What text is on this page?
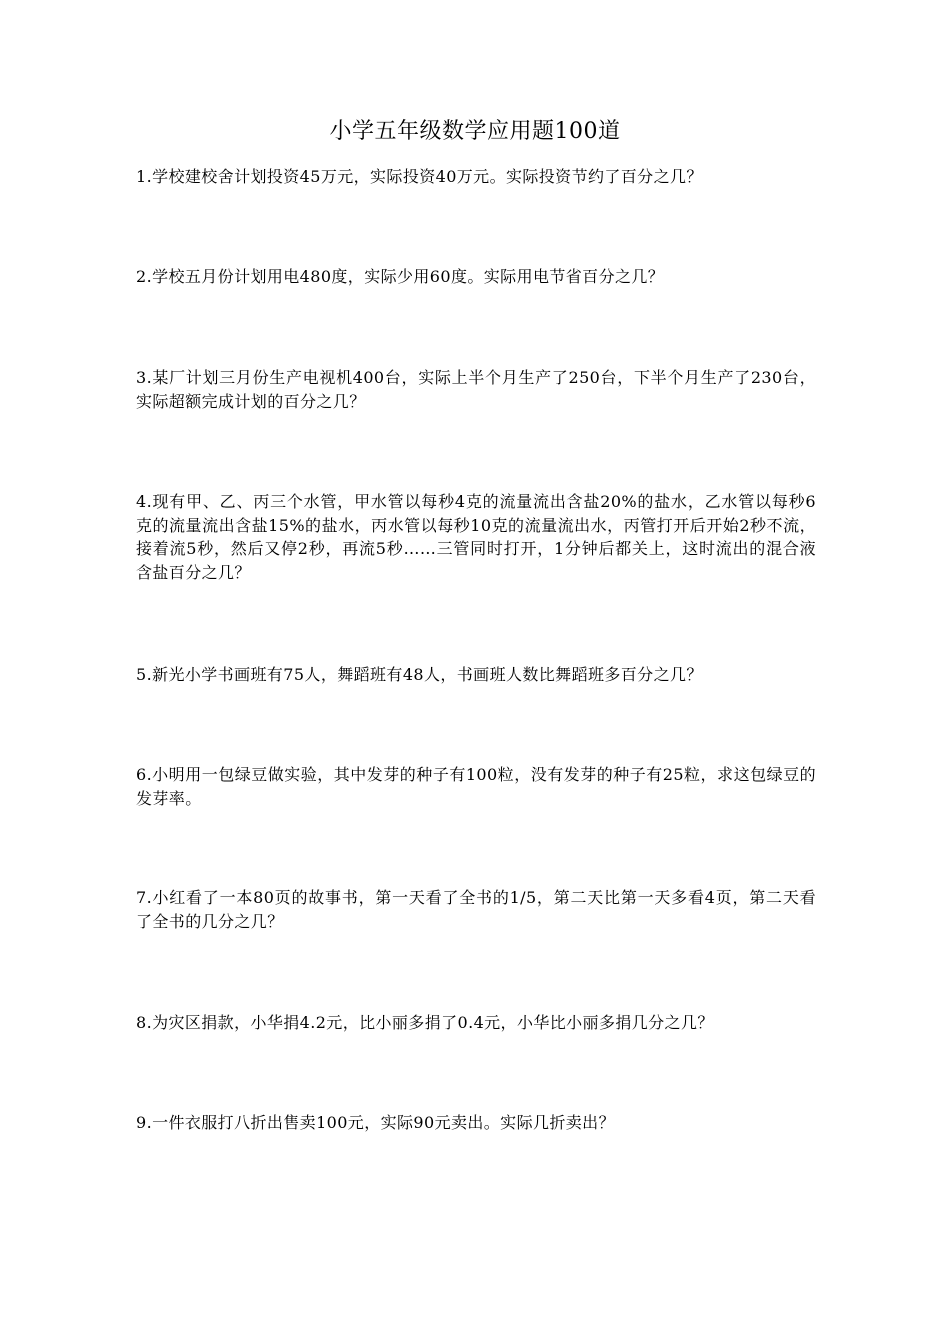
小学五年级数学应用题100道

1.学校建校舍计划投资45万元，实际投资40万元。实际投资节约了百分之几？

2.学校五月份计划用电480度，实际少用60度。实际用电节省百分之几？

3.某厂计划三月份生产电视机400台，实际上半个月生产了250台，下半个月生产了230台，实际超额完成计划的百分之几？

4.现有甲、乙、丙三个水管，甲水管以每秒4克的流量流出含盐20%的盐水，乙水管以每秒6克的流量流出含盐15%的盐水，丙水管以每秒10克的流量流出水，丙管打开后开始2秒不流，接着流5秒，然后又停2秒，再流5秒……三管同时打开，1分钟后都关上，这时流出的混合液含盐百分之几？

5.新光小学书画班有75人，舞蹈班有48人，书画班人数比舞蹈班多百分之几？

6.小明用一包绿豆做实验，其中发芽的种子有100粒，没有发芽的种子有25粒，求这包绿豆的发芽率。

7.小红看了一本80页的故事书，第一天看了全书的1/5，第二天比第一天多看4页，第二天看了全书的几分之几？

8.为灾区捐款，小华捐4.2元，比小丽多捐了0.4元，小华比小丽多捐几分之几？

9.一件衣服打八折出售卖100元，实际90元卖出。实际几折卖出？
